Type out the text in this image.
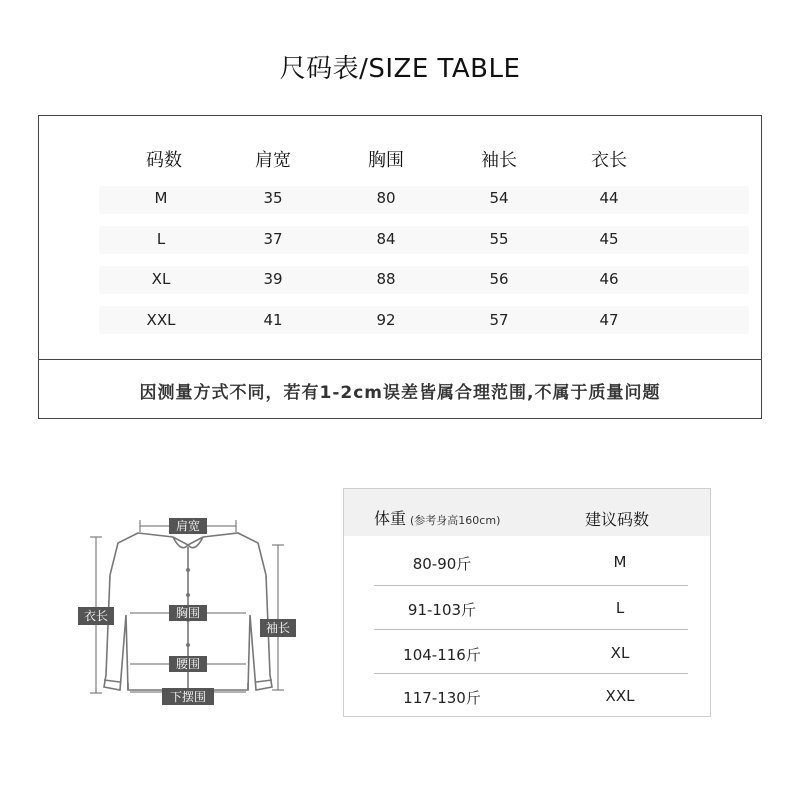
尺码表/SIZE TABLE
码数	肩宽	胸围	袖长	衣长
M	35	80	54	44
L	37	84	55	45
XL	39	88	56	46
XXL	41	92	57	47
因测量方式不同，若有1-2cm误差皆属合理范围,不属于质量问题
肩宽
胸围
腰围
下摆围
衣长
袖长
体重 (参考身高160cm)	建议码数
80-90斤	M
91-103斤	L
104-116斤	XL
117-130斤	XXL
